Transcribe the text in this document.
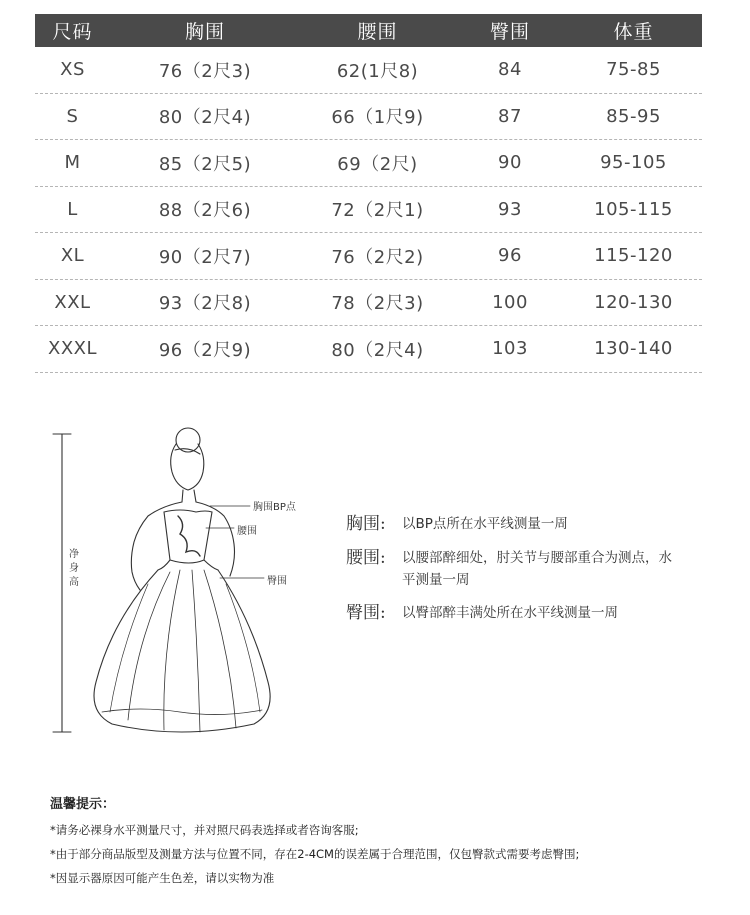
尺码	胸围	腰围	臀围	体重
XS	76（2尺3)	62(1尺8)	84	75-85
S	80（2尺4)	66（1尺9)	87	85-95
M	85（2尺5)	69（2尺)	90	95-105
L	88（2尺6)	72（2尺1)	93	105-115
XL	90（2尺7)	76（2尺2)	96	115-120
XXL	93（2尺8)	78（2尺3)	100	120-130
XXXL	96（2尺9)	80（2尺4)	103	130-140
净身高
胸围BP点
腰围
臀围
胸围:	以BP点所在水平线测量一周
腰围:	以腰部醉细处，肘关节与腰部重合为测点，水平测量一周
臀围:	以臀部醉丰满处所在水平线测量一周
温馨提示：
*请务必裸身水平测量尺寸，并对照尺码表选择或者咨询客服;
*由于部分商品版型及测量方法与位置不同，存在2-4CM的误差属于合理范围，仅包臀款式需要考虑臀围;
*因显示器原因可能产生色差，请以实物为准
